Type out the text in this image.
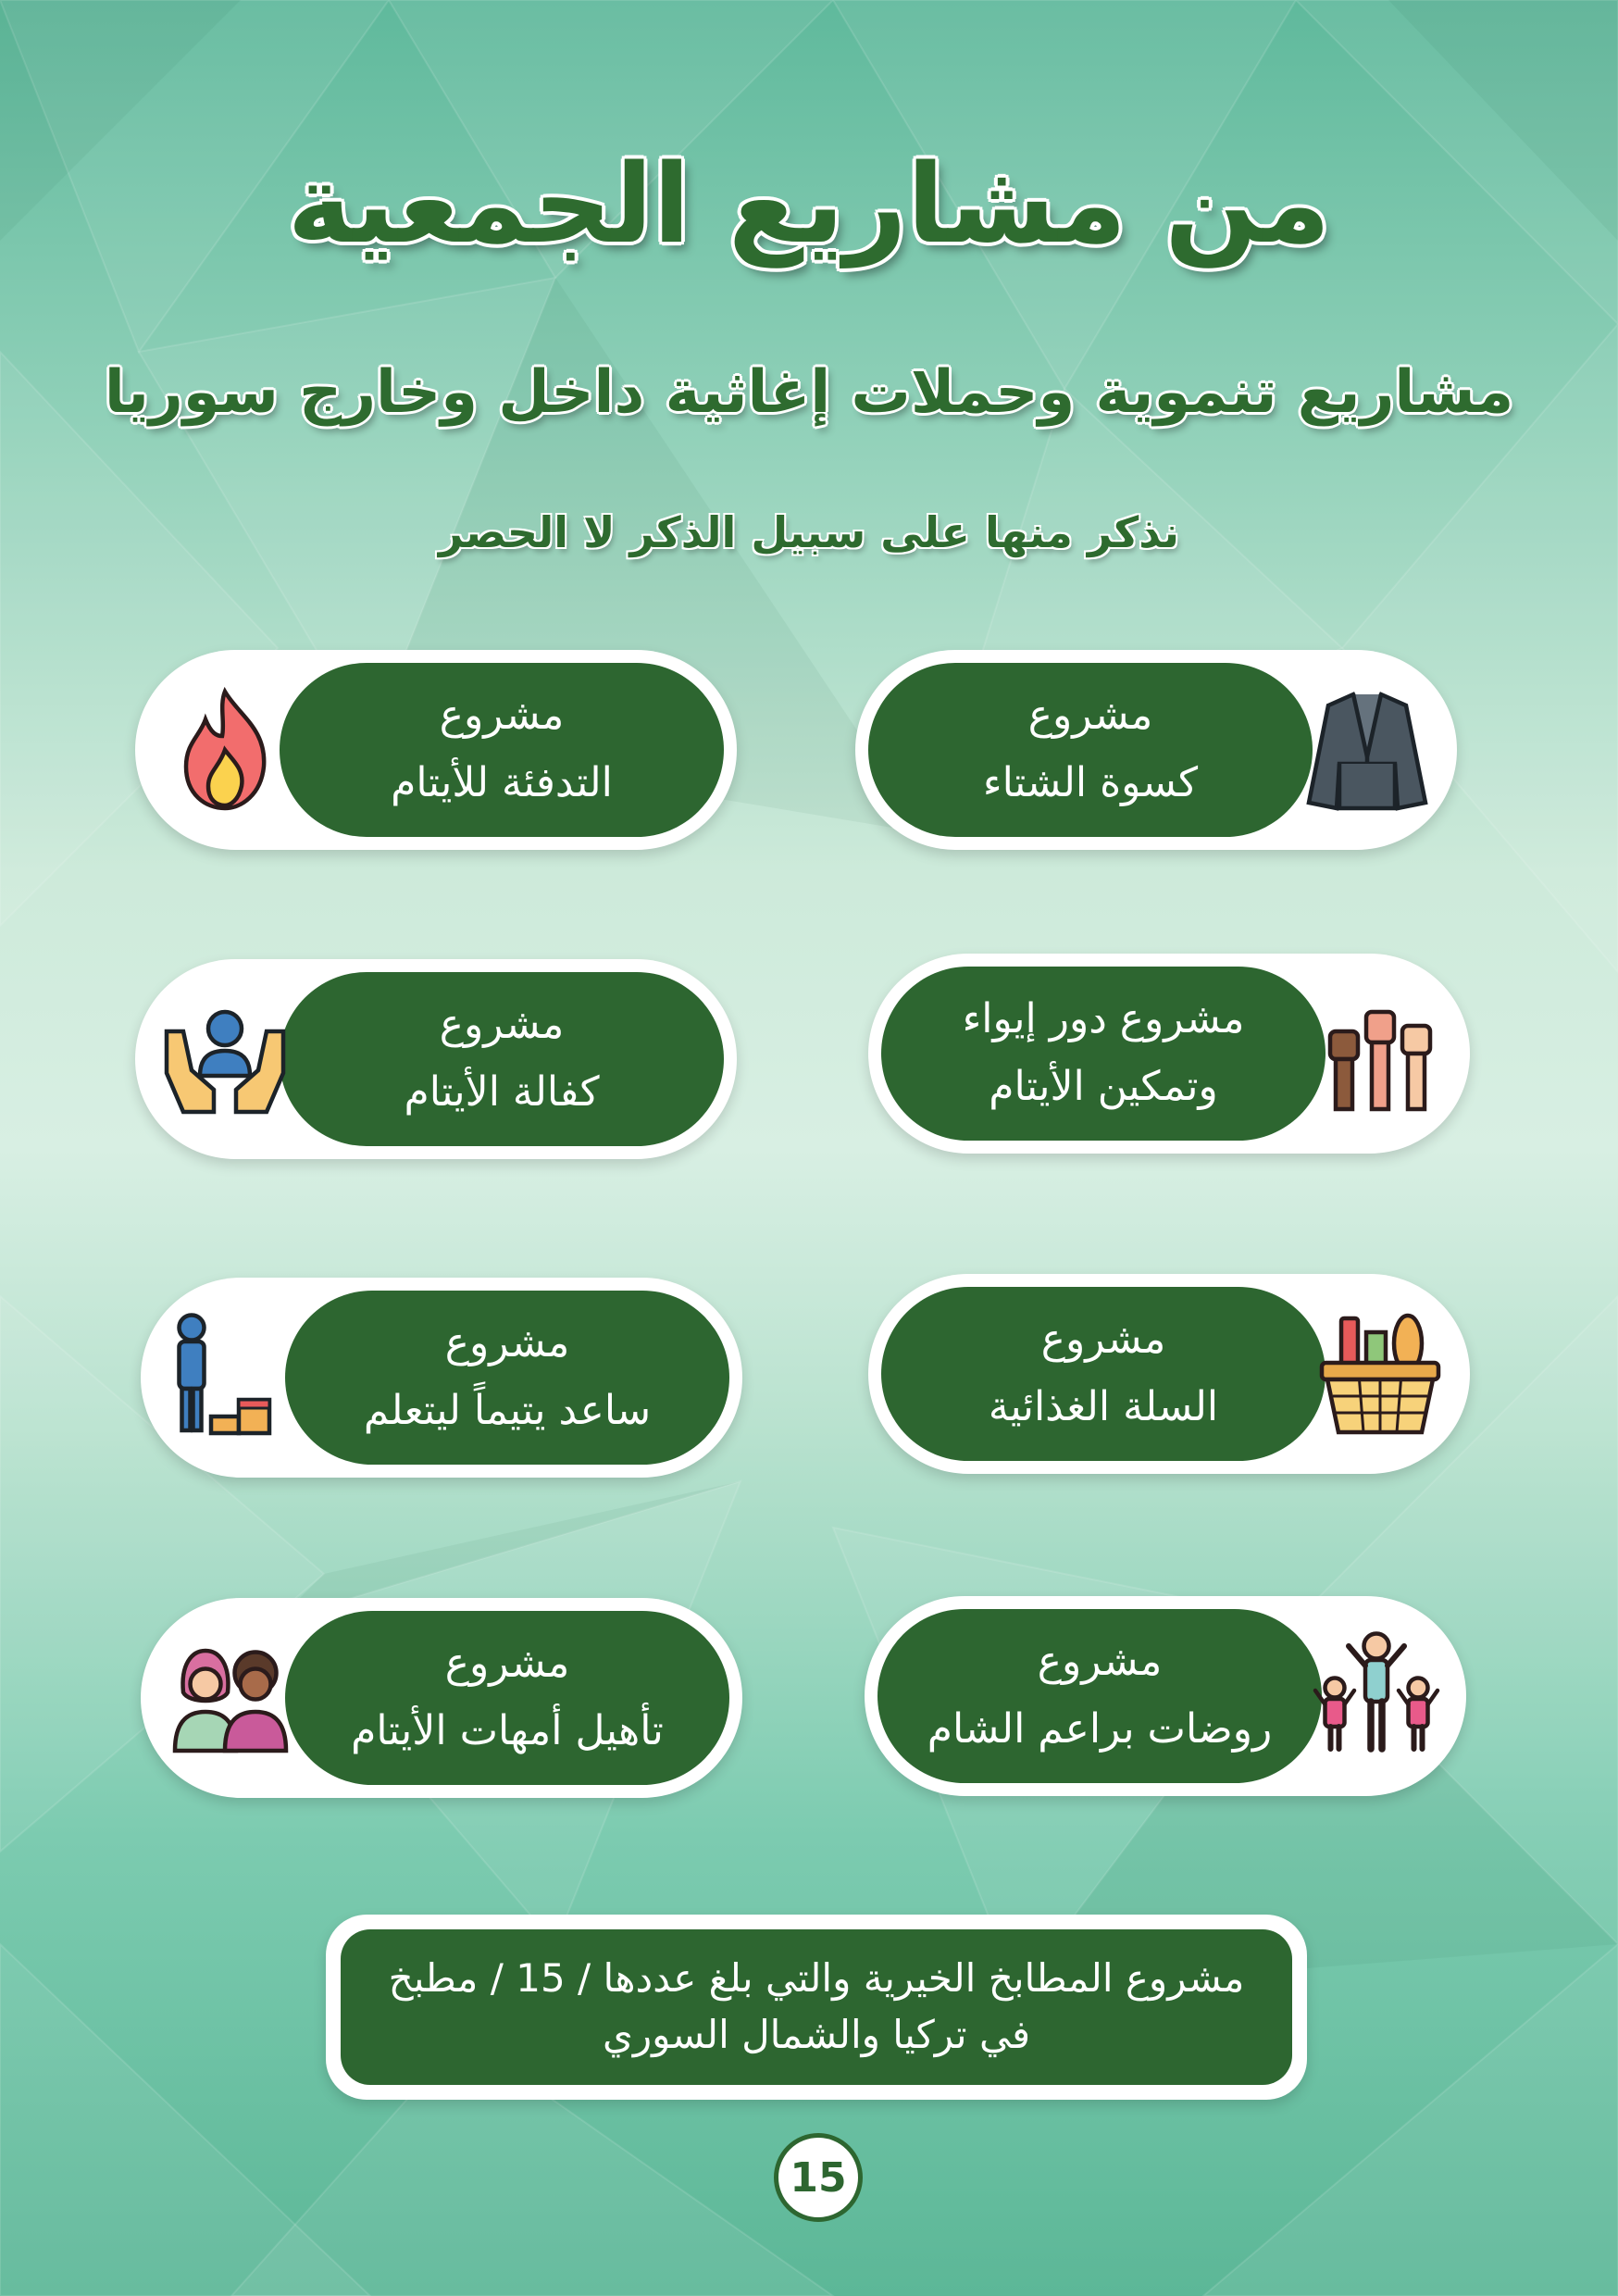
من مشاريع الجمعية
مشاريع تنموية وحملات إغاثية داخل وخارج سوريا
نذكر منها على سبيل الذكر لا الحصر
مشروع
كسوة الشتاء
مشروع
التدفئة للأيتام
مشروع دور إيواء
وتمكين الأيتام
مشروع
كفالة الأيتام
مشروع
السلة الغذائية
مشروع
ساعد يتيماً ليتعلم
مشروع
روضات براعم الشام
مشروع
تأهيل أمهات الأيتام
مشروع المطابخ الخيرية والتي بلغ عددها / 15 / مطبخ
في تركيا والشمال السوري
15
